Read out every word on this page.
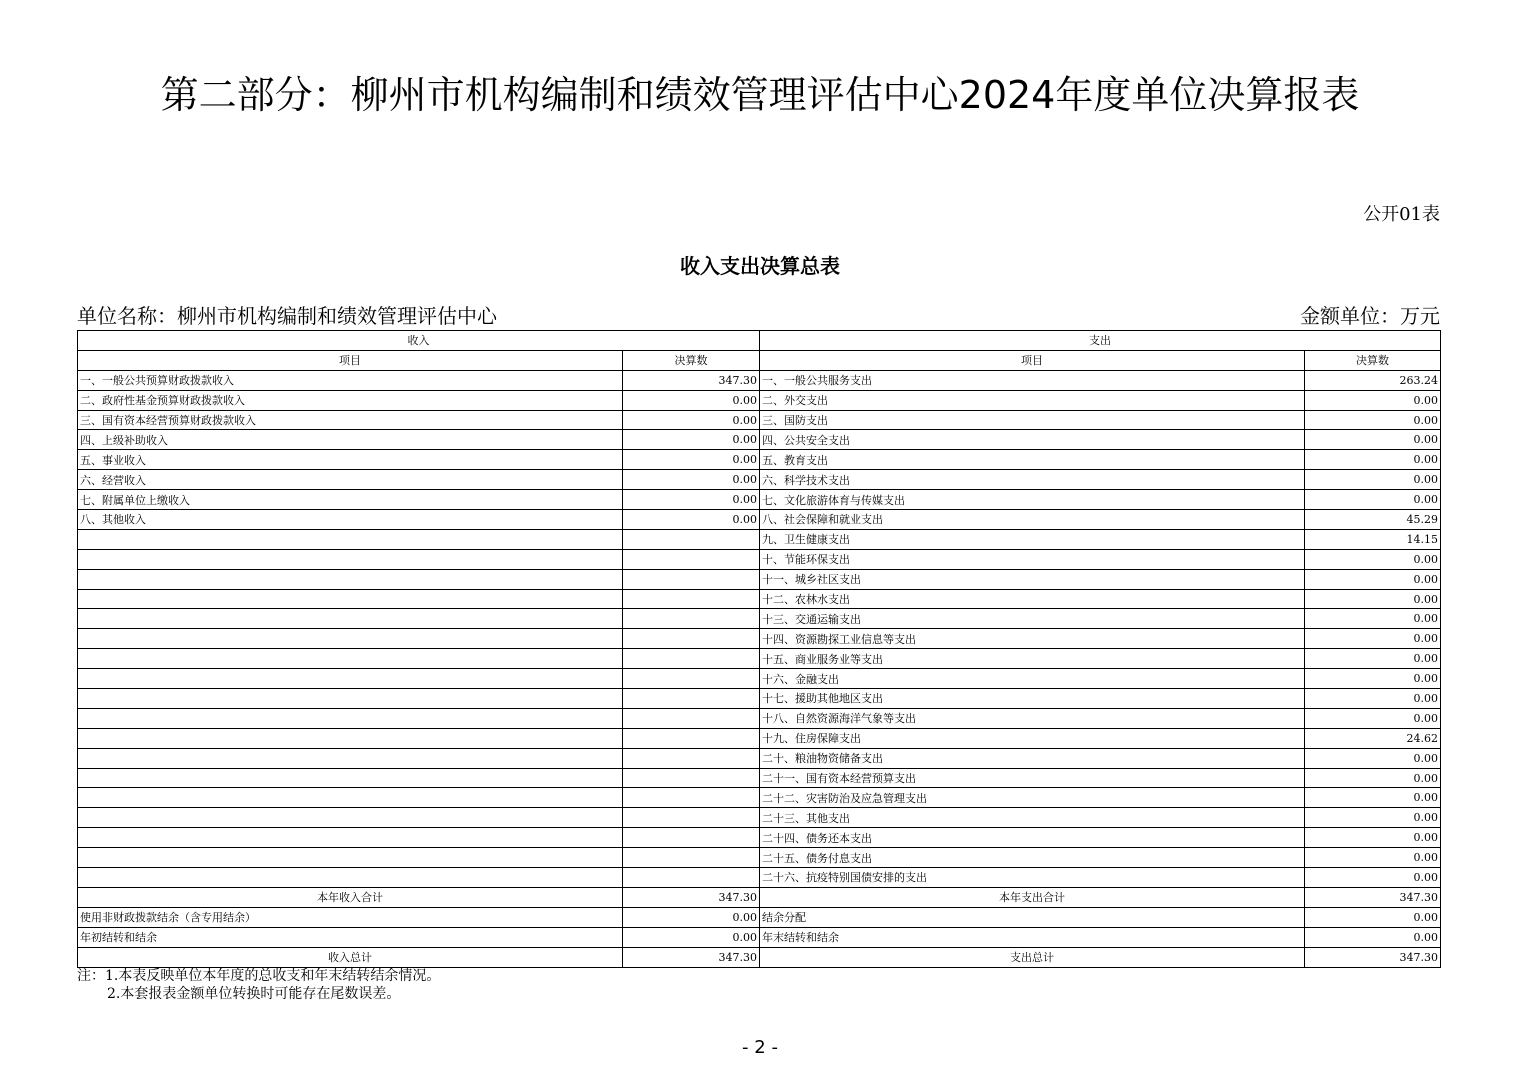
第二部分：柳州市机构编制和绩效管理评估中心2024年度单位决算报表
公开01表
收入支出决算总表
单位名称：柳州市机构编制和绩效管理评估中心	金额单位：万元
收入		支出	
项目	决算数	项目	决算数
一、一般公共预算财政拨款收入	347.30	一、一般公共服务支出	263.24
二、政府性基金预算财政拨款收入	0.00	二、外交支出	0.00
三、国有资本经营预算财政拨款收入	0.00	三、国防支出	0.00
四、上级补助收入	0.00	四、公共安全支出	0.00
五、事业收入	0.00	五、教育支出	0.00
六、经营收入	0.00	六、科学技术支出	0.00
七、附属单位上缴收入	0.00	七、文化旅游体育与传媒支出	0.00
八、其他收入	0.00	八、社会保障和就业支出	45.29
		九、卫生健康支出	14.15
		十、节能环保支出	0.00
		十一、城乡社区支出	0.00
		十二、农林水支出	0.00
		十三、交通运输支出	0.00
		十四、资源勘探工业信息等支出	0.00
		十五、商业服务业等支出	0.00
		十六、金融支出	0.00
		十七、援助其他地区支出	0.00
		十八、自然资源海洋气象等支出	0.00
		十九、住房保障支出	24.62
		二十、粮油物资储备支出	0.00
		二十一、国有资本经营预算支出	0.00
		二十二、灾害防治及应急管理支出	0.00
		二十三、其他支出	0.00
		二十四、债务还本支出	0.00
		二十五、债务付息支出	0.00
		二十六、抗疫特别国债安排的支出	0.00
本年收入合计	347.30	本年支出合计	347.30
使用非财政拨款结余（含专用结余）	0.00	结余分配	0.00
年初结转和结余	0.00	年末结转和结余	0.00
收入总计	347.30	支出总计	347.30
注：1.本表反映单位本年度的总收支和年末结转结余情况。
2.本套报表金额单位转换时可能存在尾数误差。
- 2 -
